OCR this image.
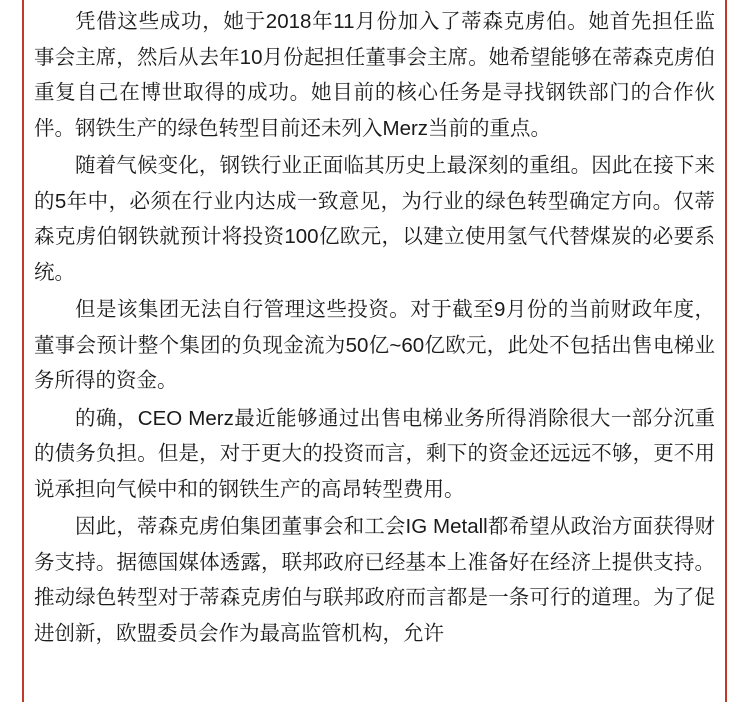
凭借这些成功，她于2018年11月份加入了蒂森克虏伯。她首先担任监事会主席，然后从去年10月份起担任董事会主席。她希望能够在蒂森克虏伯重复自己在博世取得的成功。她目前的核心任务是寻找钢铁部门的合作伙伴。钢铁生产的绿色转型目前还未列入Merz当前的重点。

随着气候变化，钢铁行业正面临其历史上最深刻的重组。因此在接下来的5年中，必须在行业内达成一致意见，为行业的绿色转型确定方向。仅蒂森克虏伯钢铁就预计将投资100亿欧元，以建立使用氢气代替煤炭的必要系统。

但是该集团无法自行管理这些投资。对于截至9月份的当前财政年度，董事会预计整个集团的负现金流为50亿~60亿欧元，此处不包括出售电梯业务所得的资金。

的确，CEO Merz最近能够通过出售电梯业务所得消除很大一部分沉重的债务负担。但是，对于更大的投资而言，剩下的资金还远远不够，更不用说承担向气候中和的钢铁生产的高昂转型费用。

因此，蒂森克虏伯集团董事会和工会IG Metall都希望从政治方面获得财务支持。据德国媒体透露，联邦政府已经基本上准备好在经济上提供支持。推动绿色转型对于蒂森克虏伯与联邦政府而言都是一条可行的道理。为了促进创新，欧盟委员会作为最高监管机构，允许
